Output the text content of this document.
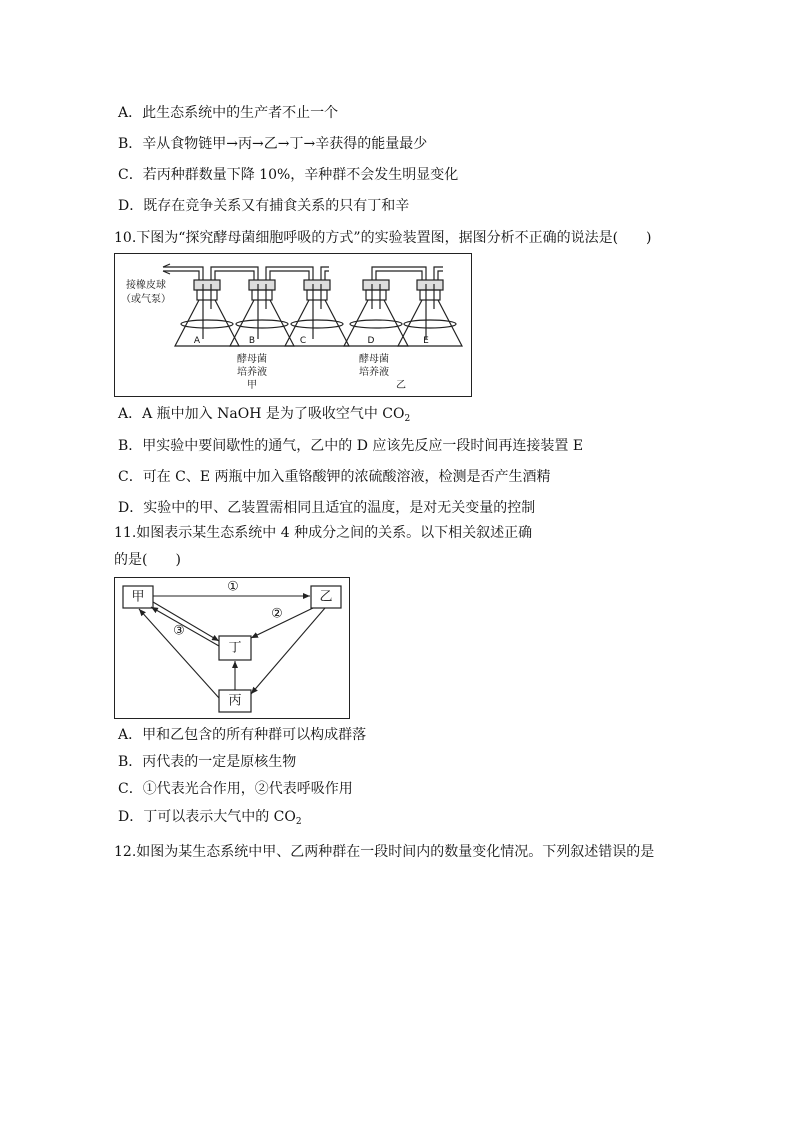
A．此生态系统中的生产者不止一个
B．辛从食物链甲→丙→乙→丁→辛获得的能量最少
C．若丙种群数量下降 10%，辛种群不会发生明显变化
D．既存在竞争关系又有捕食关系的只有丁和辛
10.下图为“探究酵母菌细胞呼吸的方式”的实验装置图，据图分析不正确的说法是(　　)
接橡皮球
（或气泵）
A	B	C	D	E
酵母菌
培养液
甲
酵母菌
培养液
乙
A．A 瓶中加入 NaOH 是为了吸收空气中 $CO_2$
B．甲实验中要间歇性的通气，乙中的 D 应该先反应一段时间再连接装置 E
C．可在 C、E 两瓶中加入重铬酸钾的浓硫酸溶液，检测是否产生酒精
D．实验中的甲、乙装置需相同且适宜的温度，是对无关变量的控制
11.如图表示某生态系统中 4 种成分之间的关系。以下相关叙述正确
的是(　　)
甲	乙
丁
丙
①
②
③
A．甲和乙包含的所有种群可以构成群落
B．丙代表的一定是原核生物
C．①代表光合作用，②代表呼吸作用
D．丁可以表示大气中的 $CO_2$
12.如图为某生态系统中甲、乙两种群在一段时间内的数量变化情况。下列叙述错误的是
